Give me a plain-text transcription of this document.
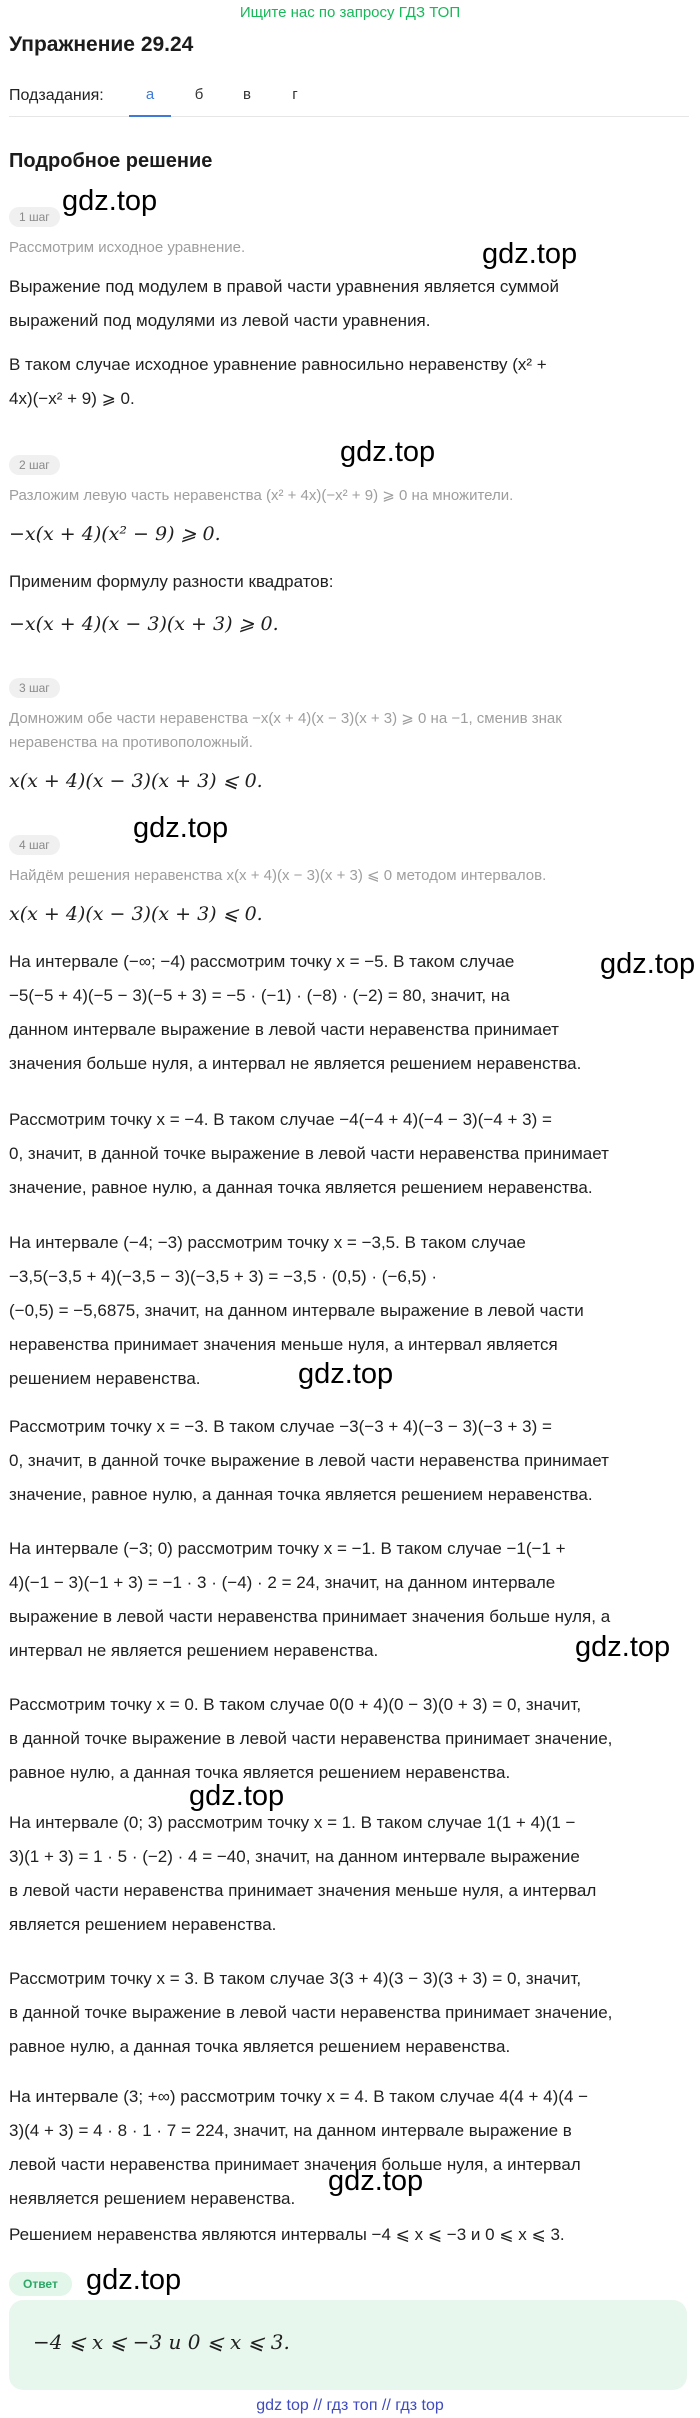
Ищите нас по запросу ГДЗ ТОП
Упражнение 29.24
Подзадания:	а	б	в	г
Подробное решение
1 шаг
Рассмотрим исходное уравнение.
Выражение под модулем в правой части уравнения является суммой
выражений под модулями из левой части уравнения.
В таком случае исходное уравнение равносильно неравенству (x² +
4x)(−x² + 9) ⩾ 0.
2 шаг
Разложим левую часть неравенства (x² + 4x)(−x² + 9) ⩾ 0 на множители.
−x(x + 4)(x² − 9) ⩾ 0.
Применим формулу разности квадратов:
−x(x + 4)(x − 3)(x + 3) ⩾ 0.
3 шаг
Домножим обе части неравенства −x(x + 4)(x − 3)(x + 3) ⩾ 0 на −1, сменив знак
неравенства на противоположный.
x(x + 4)(x − 3)(x + 3) ⩽ 0.
4 шаг
Найдём решения неравенства x(x + 4)(x − 3)(x + 3) ⩽ 0 методом интервалов.
x(x + 4)(x − 3)(x + 3) ⩽ 0.
На интервале (−∞; −4) рассмотрим точку x = −5. В таком случае
−5(−5 + 4)(−5 − 3)(−5 + 3) = −5 · (−1) · (−8) · (−2) = 80, значит, на
данном интервале выражение в левой части неравенства принимает
значения больше нуля, а интервал не является решением неравенства.
Рассмотрим точку x = −4. В таком случае −4(−4 + 4)(−4 − 3)(−4 + 3) =
0, значит, в данной точке выражение в левой части неравенства принимает
значение, равное нулю, а данная точка является решением неравенства.
На интервале (−4; −3) рассмотрим точку x = −3,5. В таком случае
−3,5(−3,5 + 4)(−3,5 − 3)(−3,5 + 3) = −3,5 · (0,5) · (−6,5) ·
(−0,5) = −5,6875, значит, на данном интервале выражение в левой части
неравенства принимает значения меньше нуля, а интервал является
решением неравенства.
Рассмотрим точку x = −3. В таком случае −3(−3 + 4)(−3 − 3)(−3 + 3) =
0, значит, в данной точке выражение в левой части неравенства принимает
значение, равное нулю, а данная точка является решением неравенства.
На интервале (−3; 0) рассмотрим точку x = −1. В таком случае −1(−1 +
4)(−1 − 3)(−1 + 3) = −1 · 3 · (−4) · 2 = 24, значит, на данном интервале
выражение в левой части неравенства принимает значения больше нуля, а
интервал не является решением неравенства.
Рассмотрим точку x = 0. В таком случае 0(0 + 4)(0 − 3)(0 + 3) = 0, значит,
в данной точке выражение в левой части неравенства принимает значение,
равное нулю, а данная точка является решением неравенства.
На интервале (0; 3) рассмотрим точку x = 1. В таком случае 1(1 + 4)(1 −
3)(1 + 3) = 1 · 5 · (−2) · 4 = −40, значит, на данном интервале выражение
в левой части неравенства принимает значения меньше нуля, а интервал
является решением неравенства.
Рассмотрим точку x = 3. В таком случае 3(3 + 4)(3 − 3)(3 + 3) = 0, значит,
в данной точке выражение в левой части неравенства принимает значение,
равное нулю, а данная точка является решением неравенства.
На интервале (3; +∞) рассмотрим точку x = 4. В таком случае 4(4 + 4)(4 −
3)(4 + 3) = 4 · 8 · 1 · 7 = 224, значит, на данном интервале выражение в
левой части неравенства принимает значения больше нуля, а интервал
неявляется решением неравенства.
Решением неравенства являются интервалы −4 ⩽ x ⩽ −3 и 0 ⩽ x ⩽ 3.
Ответ
−4 ⩽ x ⩽ −3 и 0 ⩽ x ⩽ 3.
gdz top // гдз топ // гдз top
gdz.top
gdz.top
gdz.top
gdz.top
gdz.top
gdz.top
gdz.top
gdz.top
gdz.top
gdz.top
